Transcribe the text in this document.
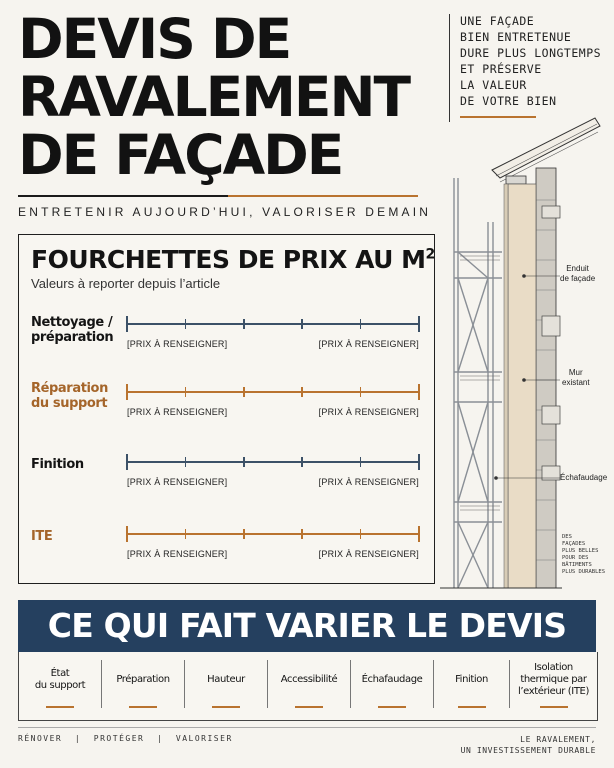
DEVIS DE
RAVALEMENT
DE FAÇADE
ENTRETENIR AUJOURD’HUI, VALORISER DEMAIN
UNE FAÇADE
BIEN ENTRETENUE
DURE PLUS LONGTEMPS
ET PRÉSERVE
LA VALEUR
DE VOTRE BIEN
FOURCHETTES DE PRIX AU $M^2$
Valeurs à reporter depuis l’article
Nettoyage /
préparation	[PRIX À RENSEIGNER]	[PRIX À RENSEIGNER]
Réparation
du support
[PRIX À RENSEIGNER]	[PRIX À RENSEIGNER]
Finition
[PRIX À RENSEIGNER]	[PRIX À RENSEIGNER]
ITE
[PRIX À RENSEIGNER]	[PRIX À RENSEIGNER]
Enduit
de façade
Mur
existant
Échafaudage
DES
FAÇADES
PLUS BELLES
POUR DES
BÂTIMENTS
PLUS DURABLES
CE QUI FAIT VARIER LE DEVIS
État
du support
Préparation	Hauteur	Accessibilité Échafaudage	Finition
Isolation
thermique par
l’extérieur (ITE)
RÉNOVER  |  PROTÉGER  |  VALORISER	LE RAVALEMENT,
UN INVESTISSEMENT DURABLE
